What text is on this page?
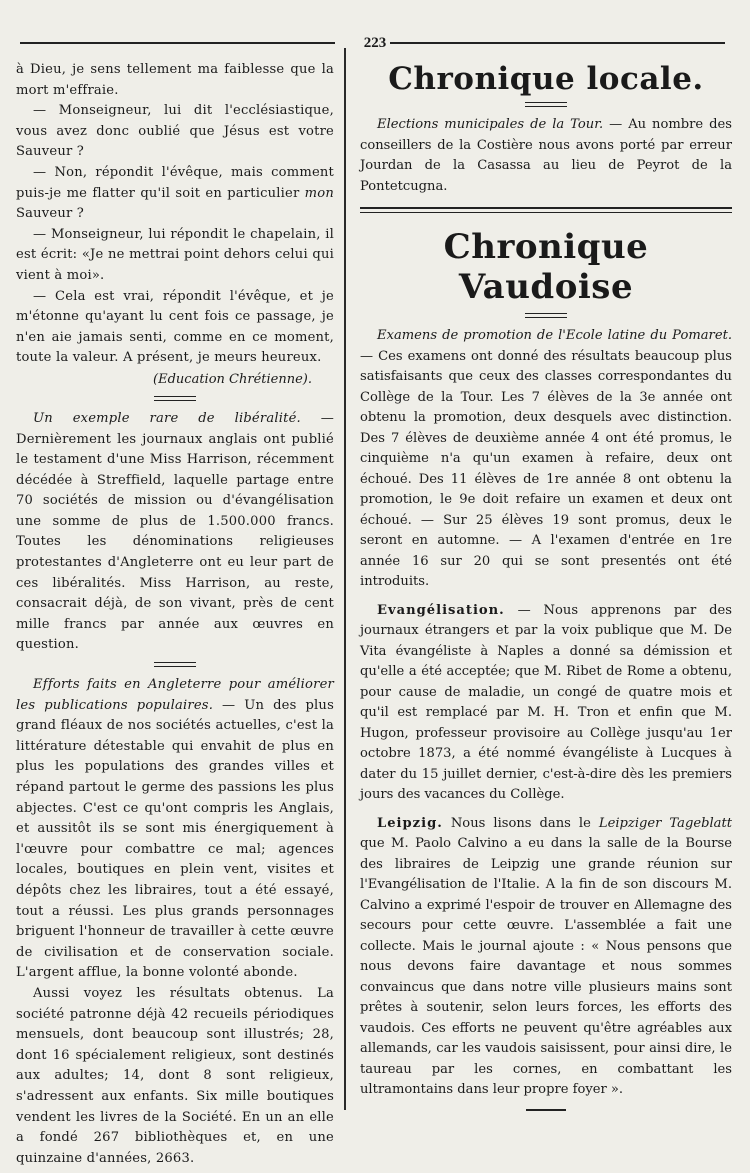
223

à Dieu, je sens tellement ma faiblesse que la mort m'effraie.

— Monseigneur, lui dit l'ecclésiastique, vous avez donc oublié que Jésus est votre Sauveur ?

— Non, répondit l'évêque, mais comment puis-je me flatter qu'il soit en particulier mon Sauveur ?

— Monseigneur, lui répondit le chapelain, il est écrit: «Je ne mettrai point dehors celui qui vient à moi».

— Cela est vrai, répondit l'évêque, et je m'étonne qu'ayant lu cent fois ce passage, je n'en aie jamais senti, comme en ce moment, toute la valeur. A présent, je meurs heureux.

(Education Chrétienne).

Un exemple rare de libéralité. — Dernièrement les journaux anglais ont publié le testament d'une Miss Harrison, récemment décédée à Streffield, laquelle partage entre 70 sociétés de mission ou d'évangélisation une somme de plus de 1.500.000 francs. Toutes les dénominations religieuses protestantes d'Angleterre ont eu leur part de ces libéralités. Miss Harrison, au reste, consacrait déjà, de son vivant, près de cent mille francs par année aux œuvres en question.

Efforts faits en Angleterre pour améliorer les publications populaires. — Un des plus grand fléaux de nos sociétés actuelles, c'est la littérature détestable qui envahit de plus en plus les populations des grandes villes et répand partout le germe des passions les plus abjectes. C'est ce qu'ont compris les Anglais, et aussitôt ils se sont mis énergiquement à l'œuvre pour combattre ce mal; agences locales, boutiques en plein vent, visites et dépôts chez les libraires, tout a été essayé, tout a réussi. Les plus grands personnages briguent l'honneur de travailler à cette œuvre de civilisation et de conservation sociale. L'argent afflue, la bonne volonté abonde.

Aussi voyez les résultats obtenus. La société patronne déjà 42 recueils périodiques mensuels, dont beaucoup sont illustrés; 28, dont 16 spécialement religieux, sont destinés aux adultes; 14, dont 8 sont religieux, s'adressent aux enfants. Six mille boutiques vendent les livres de la Société. En un an elle a fondé 267 bibliothèques et, en une quinzaine d'années, 2663.

Chronique locale.

Elections municipales de la Tour. — Au nombre des conseillers de la Costière nous avons porté par erreur Jourdan de la Casassa au lieu de Peyrot de la Pontetcugna.

Chronique Vaudoise

Examens de promotion de l'Ecole latine du Pomaret. — Ces examens ont donné des résultats beaucoup plus satisfaisants que ceux des classes correspondantes du Collège de la Tour. Les 7 élèves de la 3e année ont obtenu la promotion, deux desquels avec distinction. Des 7 élèves de deuxième année 4 ont été promus, le cinquième n'a qu'un examen à refaire, deux ont échoué. Des 11 élèves de 1re année 8 ont obtenu la promotion, le 9e doit refaire un examen et deux ont échoué. — Sur 25 élèves 19 sont promus, deux le seront en automne. — A l'examen d'entrée en 1re année 16 sur 20 qui se sont presentés ont été introduits.

Evangélisation. — Nous apprenons par des journaux étrangers et par la voix publique que M. De Vita évangéliste à Naples a donné sa démission et qu'elle a été acceptée; que M. Ribet de Rome a obtenu, pour cause de maladie, un congé de quatre mois et qu'il est remplacé par M. H. Tron et enfin que M. Hugon, professeur provisoire au Collège jusqu'au 1er octobre 1873, a été nommé évangéliste à Lucques à dater du 15 juillet dernier, c'est-à-dire dès les premiers jours des vacances du Collège.

Leipzig. Nous lisons dans le Leipziger Tageblatt que M. Paolo Calvino a eu dans la salle de la Bourse des libraires de Leipzig une grande réunion sur l'Evangélisation de l'Italie. A la fin de son discours M. Calvino a exprimé l'espoir de trouver en Allemagne des secours pour cette œuvre. L'assemblée a fait une collecte. Mais le journal ajoute : « Nous pensons que nous devons faire davantage et nous sommes convaincus que dans notre ville plusieurs mains sont prêtes à soutenir, selon leurs forces, les efforts des vaudois. Ces efforts ne peuvent qu'être agréables aux allemands, car les vaudois saisissent, pour ainsi dire, le taureau par les cornes, en combattant les ultramontains dans leur propre foyer ».
